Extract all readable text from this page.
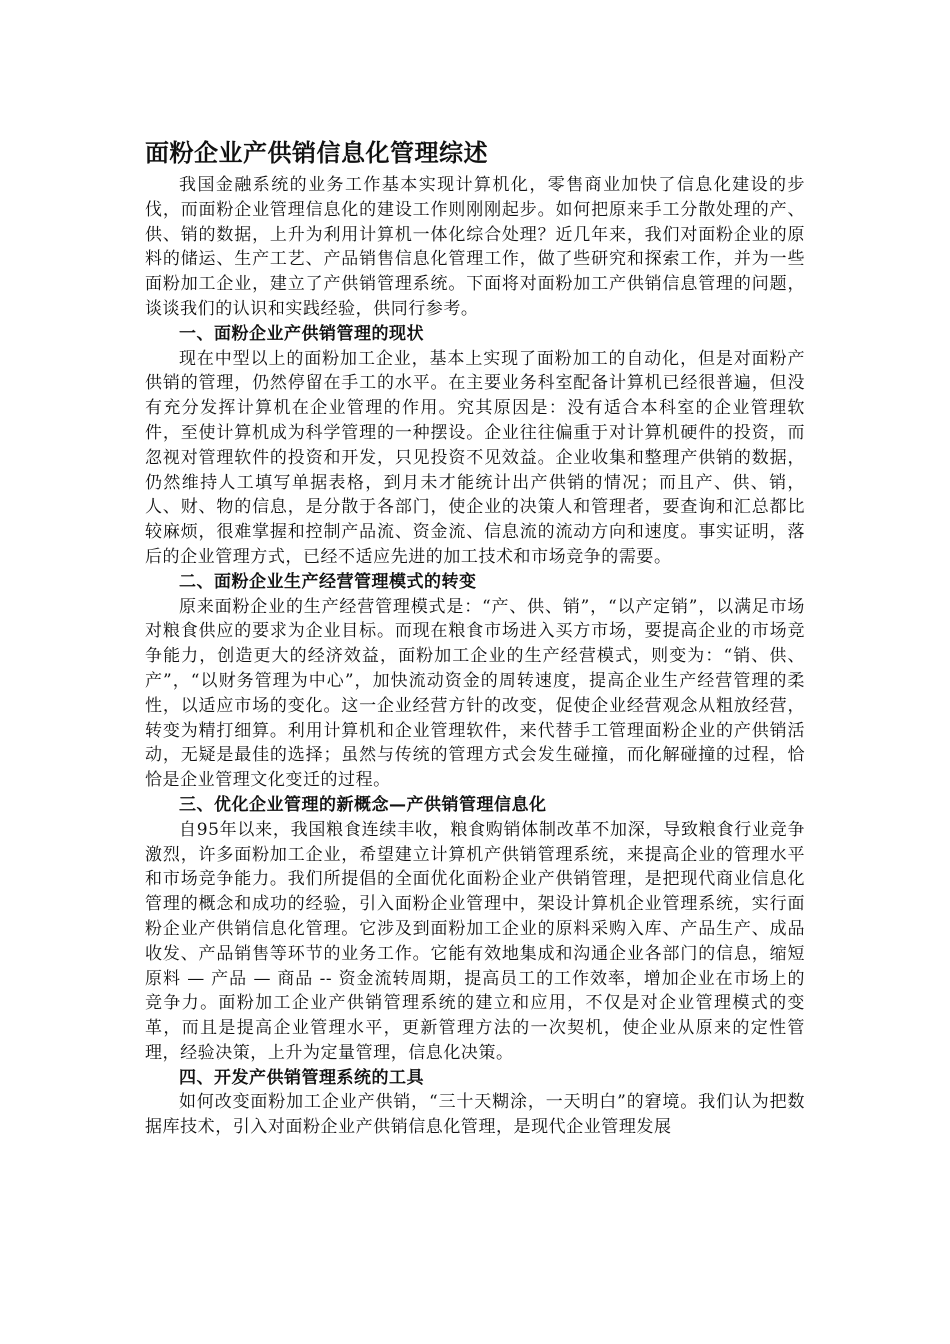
面粉企业产供销信息化管理综述

我国金融系统的业务工作基本实现计算机化，零售商业加快了信息化建设的步伐，而面粉企业管理信息化的建设工作则刚刚起步。如何把原来手工分散处理的产、供、销的数据，上升为利用计算机一体化综合处理？近几年来，我们对面粉企业的原料的储运、生产工艺、产品销售信息化管理工作，做了些研究和探索工作，并为一些面粉加工企业，建立了产供销管理系统。下面将对面粉加工产供销信息管理的问题，谈谈我们的认识和实践经验，供同行参考。

一、面粉企业产供销管理的现状

现在中型以上的面粉加工企业，基本上实现了面粉加工的自动化，但是对面粉产供销的管理，仍然停留在手工的水平。在主要业务科室配备计算机已经很普遍，但没有充分发挥计算机在企业管理的作用。究其原因是：没有适合本科室的企业管理软件，至使计算机成为科学管理的一种摆设。企业往往偏重于对计算机硬件的投资，而忽视对管理软件的投资和开发，只见投资不见效益。企业收集和整理产供销的数据，仍然维持人工填写单据表格，到月未才能统计出产供销的情况；而且产、供、销，人、财、物的信息，是分散于各部门，使企业的决策人和管理者，要查询和汇总都比较麻烦，很难掌握和控制产品流、资金流、信息流的流动方向和速度。事实证明，落后的企业管理方式，已经不适应先进的加工技术和市场竞争的需要。

二、面粉企业生产经营管理模式的转变

原来面粉企业的生产经营管理模式是：“产、供、销”，“以产定销”，以满足市场对粮食供应的要求为企业目标。而现在粮食市场进入买方市场，要提高企业的市场竞争能力，创造更大的经济效益，面粉加工企业的生产经营模式，则变为：“销、供、产”，“以财务管理为中心”，加快流动资金的周转速度，提高企业生产经营管理的柔性，以适应市场的变化。这一企业经营方针的改变，促使企业经营观念从粗放经营，转变为精打细算。利用计算机和企业管理软件，来代替手工管理面粉企业的产供销活动，无疑是最佳的选择；虽然与传统的管理方式会发生碰撞，而化解碰撞的过程，恰恰是企业管理文化变迁的过程。

三、优化企业管理的新概念—产供销管理信息化

自95年以来，我国粮食连续丰收，粮食购销体制改革不加深，导致粮食行业竞争激烈，许多面粉加工企业，希望建立计算机产供销管理系统，来提高企业的管理水平和市场竞争能力。我们所提倡的全面优化面粉企业产供销管理，是把现代商业信息化管理的概念和成功的经验，引入面粉企业管理中，架设计算机企业管理系统，实行面粉企业产供销信息化管理。它涉及到面粉加工企业的原料采购入库、产品生产、成品收发、产品销售等环节的业务工作。它能有效地集成和沟通企业各部门的信息，缩短原料 — 产品 — 商品 -- 资金流转周期，提高员工的工作效率，增加企业在市场上的竞争力。面粉加工企业产供销管理系统的建立和应用，不仅是对企业管理模式的变革，而且是提高企业管理水平，更新管理方法的一次契机，使企业从原来的定性管理，经验决策，上升为定量管理，信息化决策。

四、开发产供销管理系统的工具

如何改变面粉加工企业产供销，“三十天糊涂，一天明白”的窘境。我们认为把数据库技术，引入对面粉企业产供销信息化管理，是现代企业管理发展
